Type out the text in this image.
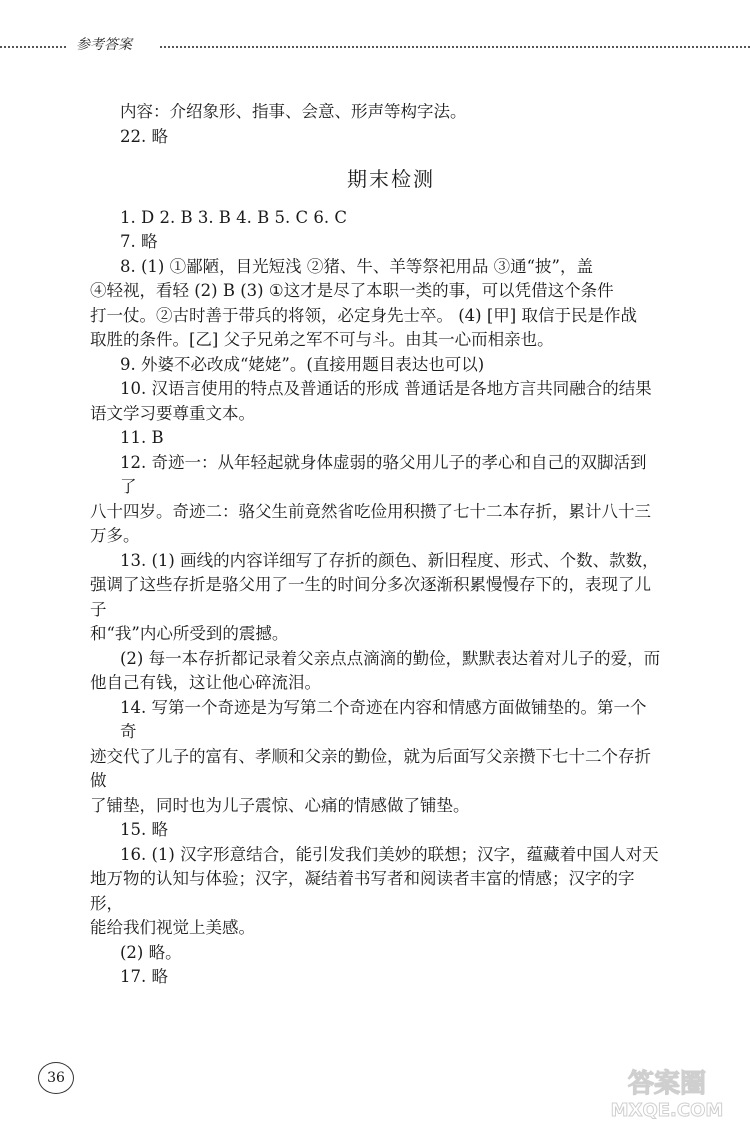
参考答案

内容：介绍象形、指事、会意、形声等构字法。

22. 略

期末检测

1. D 2. B 3. B 4. B 5. C 6. C

7. 略

8. (1) ①鄙陋，目光短浅 ②猪、牛、羊等祭祀用品 ③通“披”，盖

④轻视，看轻 (2) B (3) ①这才是尽了本职一类的事，可以凭借这个条件

打一仗。②古时善于带兵的将领，必定身先士卒。 (4) [甲] 取信于民是作战

取胜的条件。[乙] 父子兄弟之军不可与斗。由其一心而相亲也。

9. 外婆不必改成“姥姥”。(直接用题目表达也可以)

10. 汉语言使用的特点及普通话的形成 普通话是各地方言共同融合的结果

语文学习要尊重文本。

11. B

12. 奇迹一：从年轻起就身体虚弱的骆父用儿子的孝心和自己的双脚活到了

八十四岁。奇迹二：骆父生前竟然省吃俭用积攒了七十二本存折，累计八十三

万多。

13. (1) 画线的内容详细写了存折的颜色、新旧程度、形式、个数、款数，

强调了这些存折是骆父用了一生的时间分多次逐渐积累慢慢存下的，表现了儿子

和“我”内心所受到的震撼。

(2) 每一本存折都记录着父亲点点滴滴的勤俭，默默表达着对儿子的爱，而

他自己有钱，这让他心碎流泪。

14. 写第一个奇迹是为写第二个奇迹在内容和情感方面做铺垫的。第一个奇

迹交代了儿子的富有、孝顺和父亲的勤俭，就为后面写父亲攒下七十二个存折做

了铺垫，同时也为儿子震惊、心痛的情感做了铺垫。

15. 略

16. (1) 汉字形意结合，能引发我们美妙的联想；汉字，蕴藏着中国人对天

地万物的认知与体验；汉字，凝结着书写者和阅读者丰富的情感；汉字的字形，

能给我们视觉上美感。

(2) 略。

17. 略

36	答案圈
MXQE.COM
